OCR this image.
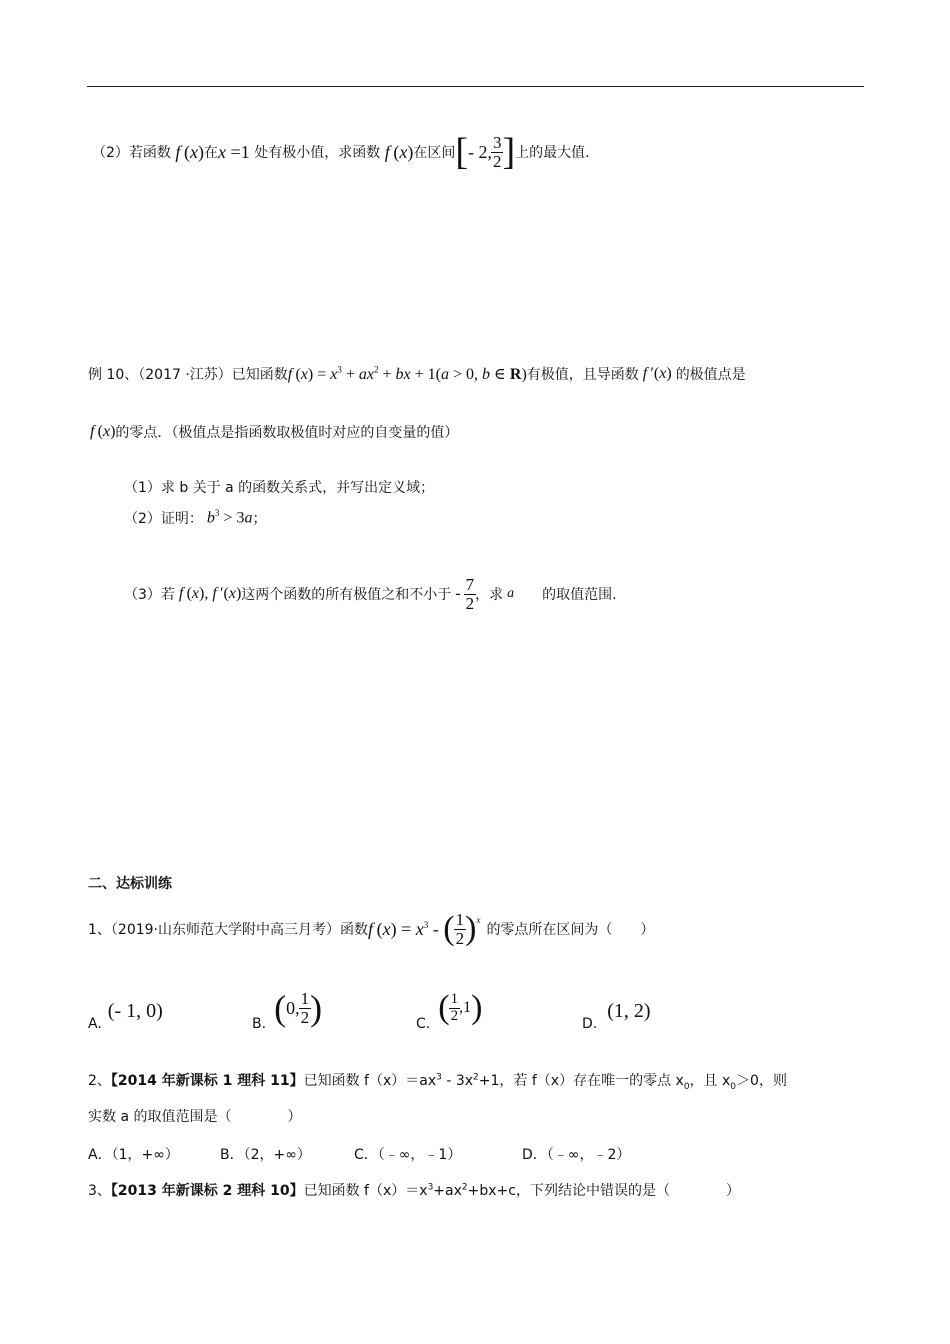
（2）若函数 f (x) 在 x =1 处有极小值，求函数 f (x) 在区间 [ - 2, $\frac{3}{2}$ ] 上的最大值.
例 10、（2017 ·江苏）已知函数 f $(x) = x^3 + ax^2$ + bx + 1(a > 0, b ∈ R) 有极值，且导函数 f ′(x) 的极值点是
f (x) 的零点．（极值点是指函数取极值时对应的自变量的值）
（1）求 b 关于 a 的函数关系式，并写出定义域；
（2）证明： $b^3 > 3a$ ；
（3）若 f (x), f ′(x) 这两个函数的所有极值之和不小于 - $\frac{7}{2}$ ，求 a 的取值范围.
二、达标训练
1、（2019·山东师范大学附中高三月考）函数 f $(x) = x^3$ - ( $\frac{1}{2}$ ) x
的零点所在区间为（　　）
A.
(- 1, 0)
B. ( 0, $\frac{1}{2}$ )	C. ( $\frac{1}{2} ,1$ )	D.
(1, 2)
2、【2014 年新课标 1 理科 11】已知函数 $f(x)=ax^3 - 3x^2+1$，若 f（x）存在唯一的零点 $x_0$，且 $x_0>0$，则
实数 a 的取值范围是（　　　　）
A．（1，+∞）	B．（2，+∞）	C．（﹣∞，﹣1）	D．（﹣∞，﹣2）
3、【2013 年新课标 2 理科 10】已知函数 $f(x)=x^3+ax^2+bx+c$，下列结论中错误的是（　　　　）
